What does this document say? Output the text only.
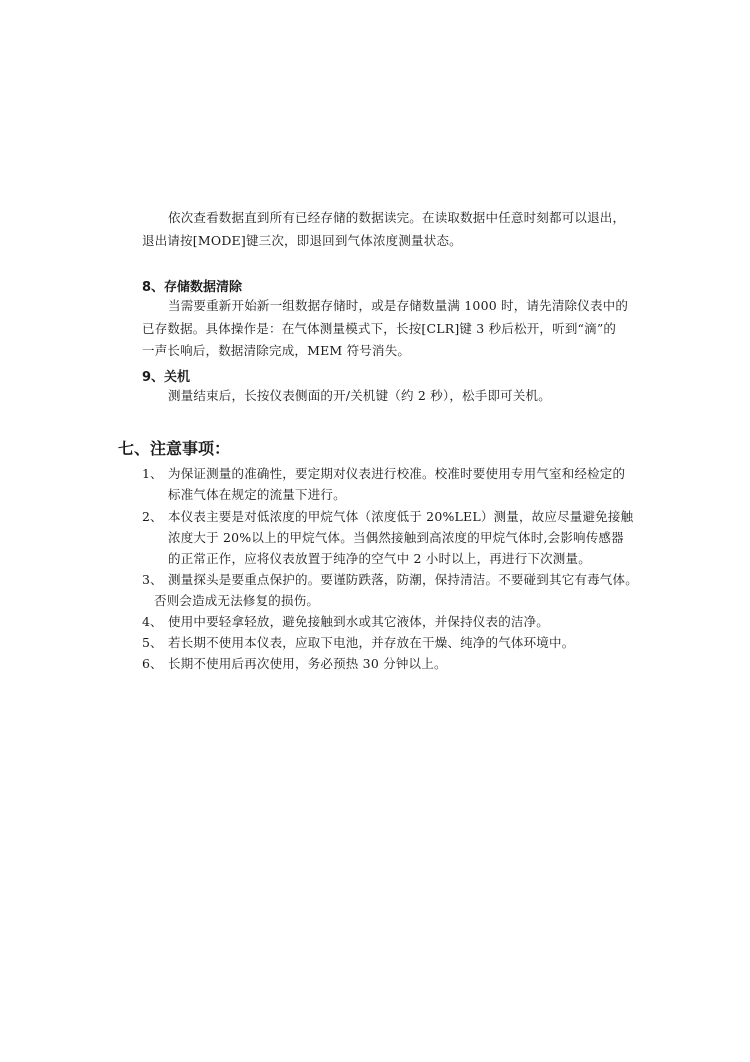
依次查看数据直到所有已经存储的数据读完。在读取数据中任意时刻都可以退出，
退出请按[MODE]键三次，即退回到气体浓度测量状态。
8、存储数据清除
当需要重新开始新一组数据存储时，或是存储数量满 1000 时，请先清除仪表中的
已存数据。具体操作是：在气体测量模式下，长按[CLR]键 3 秒后松开，听到“滴”的
一声长响后，数据清除完成，MEM 符号消失。
9、关机
测量结束后，长按仪表侧面的开/关机键（约 2 秒），松手即可关机。
七、注意事项：
1、 为保证测量的准确性，要定期对仪表进行校准。校准时要使用专用气室和经检定的
标准气体在规定的流量下进行。
2、 本仪表主要是对低浓度的甲烷气体（浓度低于 20%LEL）测量，故应尽量避免接触
浓度大于 20%以上的甲烷气体。当偶然接触到高浓度的甲烷气体时,会影响传感器
的正常正作，应将仪表放置于纯净的空气中 2 小时以上，再进行下次测量。
3、 测量探头是要重点保护的。要谨防跌落，防潮，保持清洁。不要碰到其它有毒气体。
否则会造成无法修复的损伤。
4、 使用中要轻拿轻放，避免接触到水或其它液体，并保持仪表的洁净。
5、 若长期不使用本仪表，应取下电池，并存放在干燥、纯净的气体环境中。
6、 长期不使用后再次使用，务必预热 30 分钟以上。
